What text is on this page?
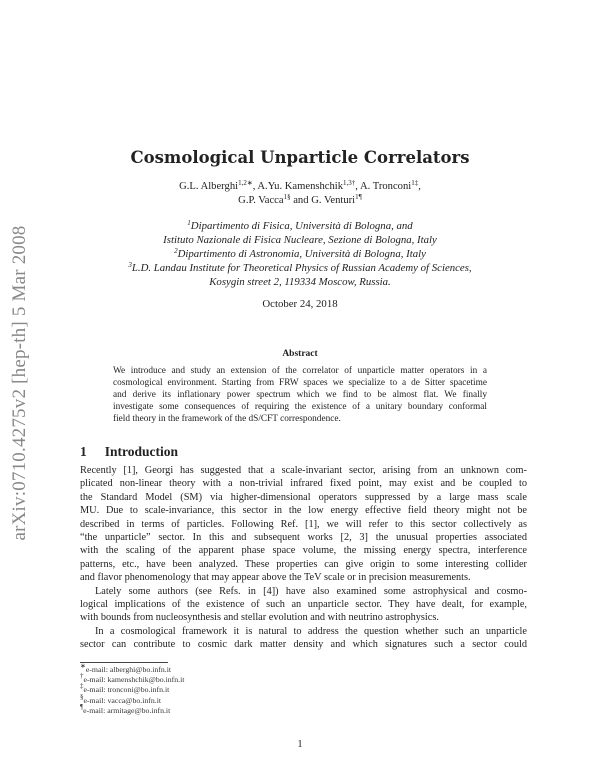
arXiv:0710.4275v2 [hep-th] 5 Mar 2008
Cosmological Unparticle Correlators
G.L. Alberghi$^{1,2∗}$, A.Yu. Kamenshchik$^{1,3\dagger}$, A. Tronconi$^{1\ddagger}$,
G.P. Vacca$^{1\S}$ and G. Venturi$^{1\P}$
$^1$Dipartimento di Fisica, Università di Bologna, and
Istituto Nazionale di Fisica Nucleare, Sezione di Bologna, Italy
$^2$Dipartimento di Astronomia, Università di Bologna, Italy
$^3$L.D. Landau Institute for Theoretical Physics of Russian Academy of Sciences,
Kosygin street 2, 119334 Moscow, Russia.
October 24, 2018
Abstract
We introduce and study an extension of the correlator of unparticle matter operators in a
cosmological environment. Starting from FRW spaces we specialize to a de Sitter spacetime
and derive its inflationary power spectrum which we find to be almost flat. We finally
investigate some consequences of requiring the existence of a unitary boundary conformal
field theory in the framework of the dS/CFT correspondence.
1 Introduction
Recently [1], Georgi has suggested that a scale-invariant sector, arising from an unknown com-
plicated non-linear theory with a non-trivial infrared fixed point, may exist and be coupled to
the Standard Model (SM) via higher-dimensional operators suppressed by a large mass scale
MU. Due to scale-invariance, this sector in the low energy effective field theory might not be
described in terms of particles. Following Ref. [1], we will refer to this sector collectively as
“the unparticle” sector. In this and subsequent works [2, 3] the unusual properties associated
with the scaling of the apparent phase space volume, the missing energy spectra, interference
patterns, etc., have been analyzed. These properties can give origin to some interesting collider
and flavor phenomenology that may appear above the TeV scale or in precision measurements.
Lately some authors (see Refs. in [4]) have also examined some astrophysical and cosmo-
logical implications of the existence of such an unparticle sector. They have dealt, for example,
with bounds from nucleosynthesis and stellar evolution and with neutrino astrophysics.
In a cosmological framework it is natural to address the question whether such an unparticle
sector can contribute to cosmic dark matter density and which signatures such a sector could
∗e-mail: alberghi@bo.infn.it
†e-mail: kamenshchik@bo.infn.it
‡e-mail: tronconi@bo.infn.it
§e-mail: vacca@bo.infn.it
¶e-mail: armitage@bo.infn.it
1
